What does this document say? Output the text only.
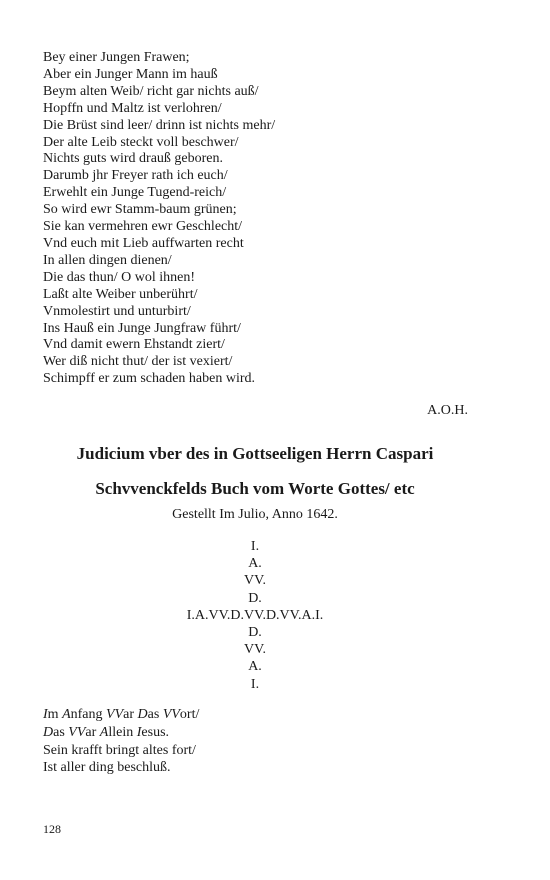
Bey einer Jungen Frawen;
Aber ein Junger Mann im hauß
Beym alten Weib/ richt gar nichts auß/
Hopffn und Maltz ist verlohren/
Die Brüst sind leer/ drinn ist nichts mehr/
Der alte Leib steckt voll beschwer/
Nichts guts wird drauß geboren.
Darumb jhr Freyer rath ich euch/
Erwehlt ein Junge Tugend-reich/
So wird ewr Stamm-baum grünen;
Sie kan vermehren ewr Geschlecht/
Vnd euch mit Lieb auffwarten recht
In allen dingen dienen/
Die das thun/ O wol ihnen!
Laßt alte Weiber unberührt/
Vnmolestirt und unturbirt/
Ins Hauß ein Junge Jungfraw führt/
Vnd damit ewern Ehstandt ziert/
Wer diß nicht thut/ der ist vexiert/
Schimpff er zum schaden haben wird.
A.O.H.
Judicium vber des in Gottseeligen Herrn Caspari
Schvvenckfelds Buch vom Worte Gottes/ etc
Gestellt Im Julio, Anno 1642.
I.
A.
VV.
D.
I.A.VV.D.VV.D.VV.A.I.
D.
VV.
A.
I.
Im Anfang VVar Das VVort/
Das VVar Allein Iesus.
Sein krafft bringt altes fort/
Ist aller ding beschluß.
128
